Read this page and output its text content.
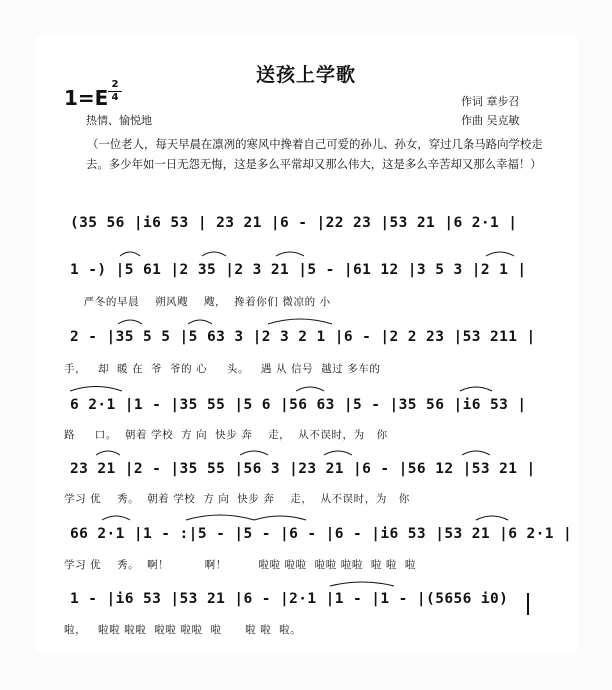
送孩上学歌
1=E
2
4
热情、愉悦地
作词 章步召
作曲 吴克敏
（一位老人，每天早晨在凛冽的寒风中搀着自己可爱的孙儿、孙女，穿过几条马路向学校走去。多少年如一日无怨无悔，这是多么平常却又那么伟大，这是多么辛苦却又那么幸福！）
(35 56 |i6 53 | 23 21 |6 - |22 23 |53 21 |6 2·1 |
1 -) |5 61 |2 35 |2 3 21 |5 - |61 12 |3 5 3 |2 1 |
严冬的早晨    朔风飕    飕，  搀着你们 微凉的 小
2 - |35 5 5 |5 63 3 |2 3 2 1 |6 - |2 2 23 |53 211 |
手，   却  暖 在  爷  爷的 心     头。   遇 从 信号  越过 多车的
6 2·1 |1 - |35 55 |5 6 |56 63 |5 - |35 56 |i6 53 |
路     口。  朝着 学校  方 向  快步 奔    走，  从不误时，为   你
23 21 |2 - |35 55 |56 3 |23 21 |6 - |56 12 |53 21 |
学习 优    秀。  朝着 学校  方 向  快步 奔    走，  从不误时，为   你
66 2·1 |1 - :|5 - |5 - |6 - |6 - |i6 53 |53 21 |6 2·1 |
学习 优    秀。  啊！         啊！        啦啦 啦啦  啦啦 啦啦  啦 啦  啦
1 - |i6 53 |53 21 |6 - |2·1 |1 - |1 - |(5656 i0)
啦，   啦啦 啦啦  啦啦 啦啦  啦      啦 啦  啦。
